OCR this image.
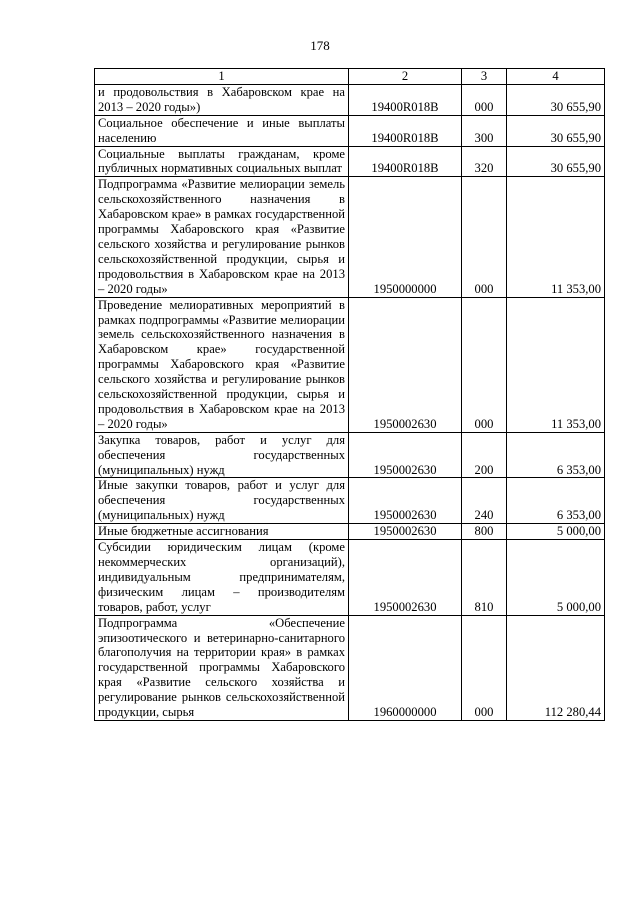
178
1	2	3	4
и продовольствия в Хабаровском крае на 2013 – 2020 годы»)	19400R018B	000	30 655,90
Социальное обеспечение и иные выплаты населению	19400R018B	300	30 655,90
Социальные выплаты гражданам, кроме публичных нормативных социальных выплат	19400R018B	320	30 655,90
Подпрограмма «Развитие мелиорации земель сельскохозяйственного назначения в Хабаровском крае» в рамках государственной программы Хабаровского края «Развитие сельского хозяйства и регулирование рынков сельскохозяйственной продукции, сырья и продовольствия в Хабаровском крае на 2013 – 2020 годы»	1950000000	000	11 353,00
Проведение мелиоративных мероприятий в рамках подпрограммы «Развитие мелиорации земель сельскохозяйственного назначения в Хабаровском крае» государственной программы Хабаровского края «Развитие сельского хозяйства и регулирование рынков сельскохозяйственной продукции, сырья и продовольствия в Хабаровском крае на 2013 – 2020 годы»	1950002630	000	11 353,00
Закупка товаров, работ и услуг для обеспечения государственных (муниципальных) нужд	1950002630	200	6 353,00
Иные закупки товаров, работ и услуг для обеспечения государственных (муниципальных) нужд	1950002630	240	6 353,00
Иные бюджетные ассигнования	1950002630	800	5 000,00
Субсидии юридическим лицам (кроме некоммерческих организаций), индивидуальным предпринимателям, физическим лицам – производителям товаров, работ, услуг	1950002630	810	5 000,00
Подпрограмма «Обеспечение эпизоотического и ветеринарно-санитарного благополучия на территории края» в рамках государственной программы Хабаровского края «Развитие сельского хозяйства и регулирование рынков сельскохозяйственной продукции, сырья	1960000000	000	112 280,44
